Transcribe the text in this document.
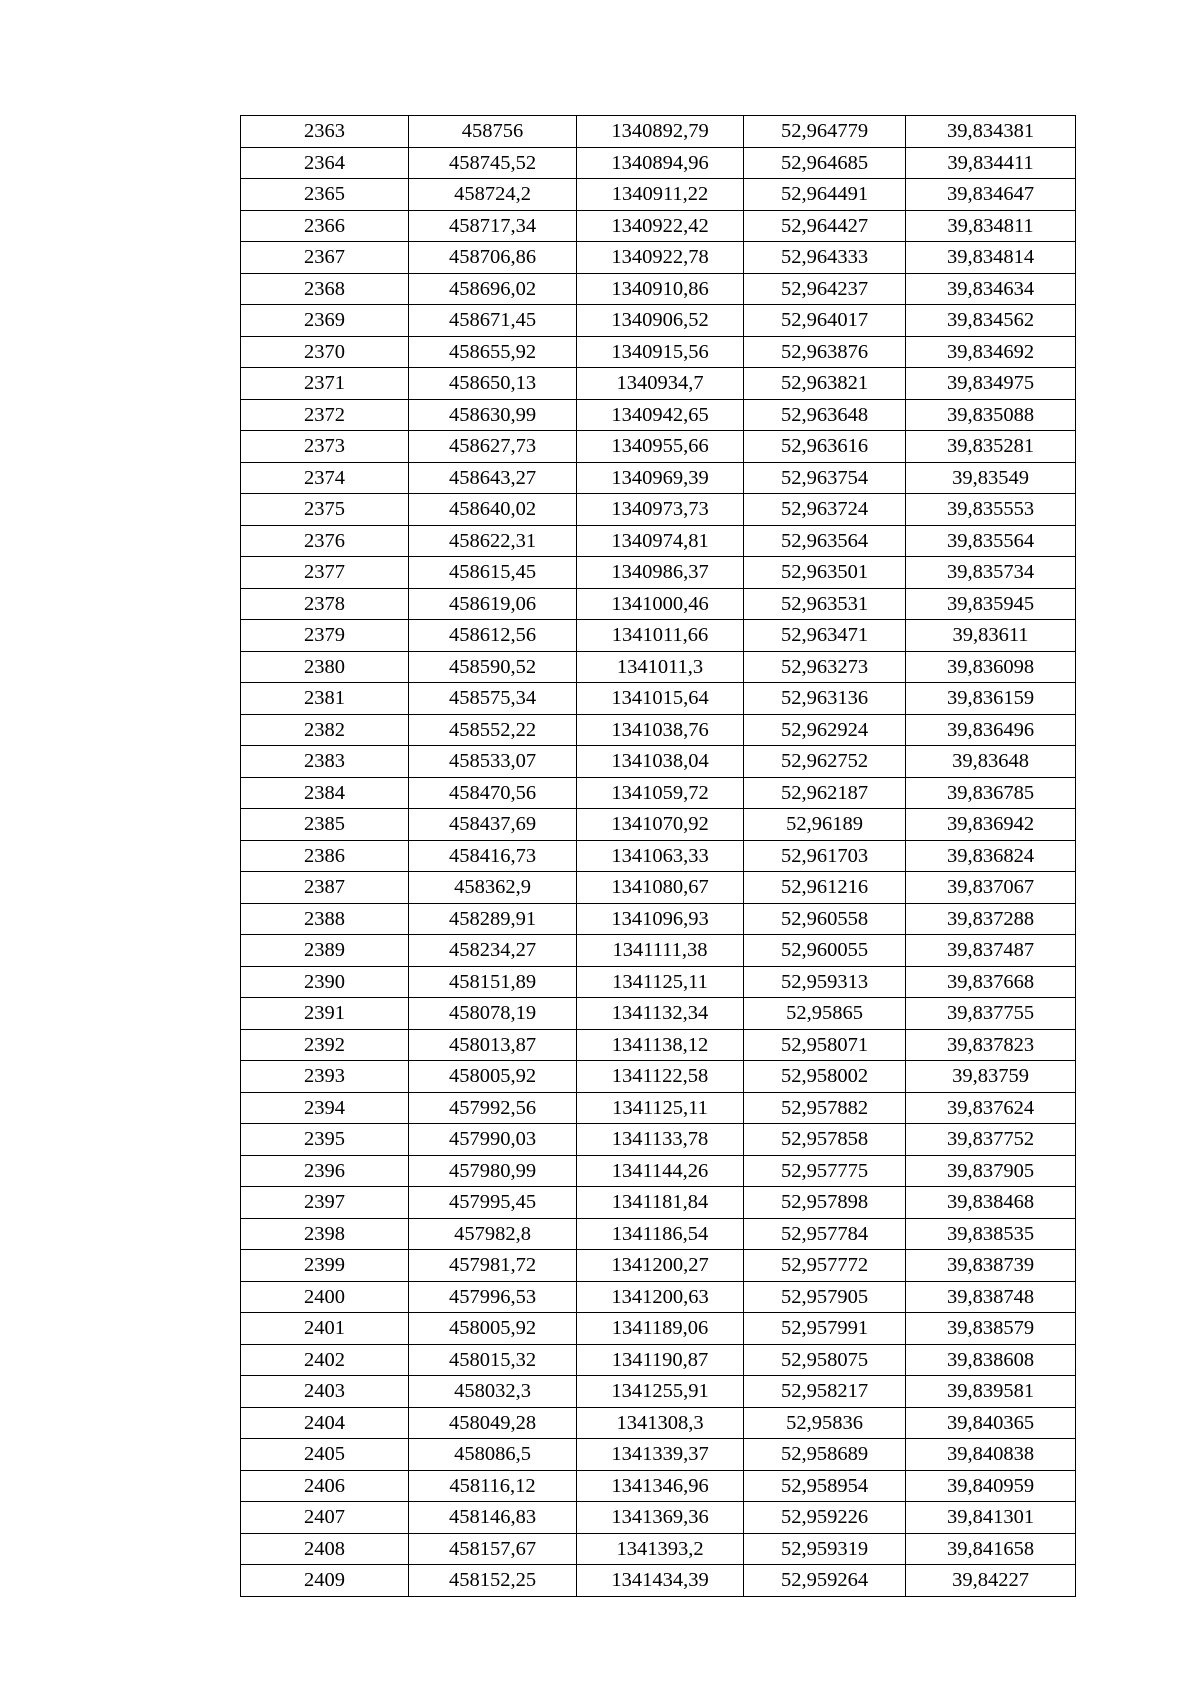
2363	458756	1340892,79	52,964779	39,834381
2364	458745,52	1340894,96	52,964685	39,834411
2365	458724,2	1340911,22	52,964491	39,834647
2366	458717,34	1340922,42	52,964427	39,834811
2367	458706,86	1340922,78	52,964333	39,834814
2368	458696,02	1340910,86	52,964237	39,834634
2369	458671,45	1340906,52	52,964017	39,834562
2370	458655,92	1340915,56	52,963876	39,834692
2371	458650,13	1340934,7	52,963821	39,834975
2372	458630,99	1340942,65	52,963648	39,835088
2373	458627,73	1340955,66	52,963616	39,835281
2374	458643,27	1340969,39	52,963754	39,83549
2375	458640,02	1340973,73	52,963724	39,835553
2376	458622,31	1340974,81	52,963564	39,835564
2377	458615,45	1340986,37	52,963501	39,835734
2378	458619,06	1341000,46	52,963531	39,835945
2379	458612,56	1341011,66	52,963471	39,83611
2380	458590,52	1341011,3	52,963273	39,836098
2381	458575,34	1341015,64	52,963136	39,836159
2382	458552,22	1341038,76	52,962924	39,836496
2383	458533,07	1341038,04	52,962752	39,83648
2384	458470,56	1341059,72	52,962187	39,836785
2385	458437,69	1341070,92	52,96189	39,836942
2386	458416,73	1341063,33	52,961703	39,836824
2387	458362,9	1341080,67	52,961216	39,837067
2388	458289,91	1341096,93	52,960558	39,837288
2389	458234,27	1341111,38	52,960055	39,837487
2390	458151,89	1341125,11	52,959313	39,837668
2391	458078,19	1341132,34	52,95865	39,837755
2392	458013,87	1341138,12	52,958071	39,837823
2393	458005,92	1341122,58	52,958002	39,83759
2394	457992,56	1341125,11	52,957882	39,837624
2395	457990,03	1341133,78	52,957858	39,837752
2396	457980,99	1341144,26	52,957775	39,837905
2397	457995,45	1341181,84	52,957898	39,838468
2398	457982,8	1341186,54	52,957784	39,838535
2399	457981,72	1341200,27	52,957772	39,838739
2400	457996,53	1341200,63	52,957905	39,838748
2401	458005,92	1341189,06	52,957991	39,838579
2402	458015,32	1341190,87	52,958075	39,838608
2403	458032,3	1341255,91	52,958217	39,839581
2404	458049,28	1341308,3	52,95836	39,840365
2405	458086,5	1341339,37	52,958689	39,840838
2406	458116,12	1341346,96	52,958954	39,840959
2407	458146,83	1341369,36	52,959226	39,841301
2408	458157,67	1341393,2	52,959319	39,841658
2409	458152,25	1341434,39	52,959264	39,84227
